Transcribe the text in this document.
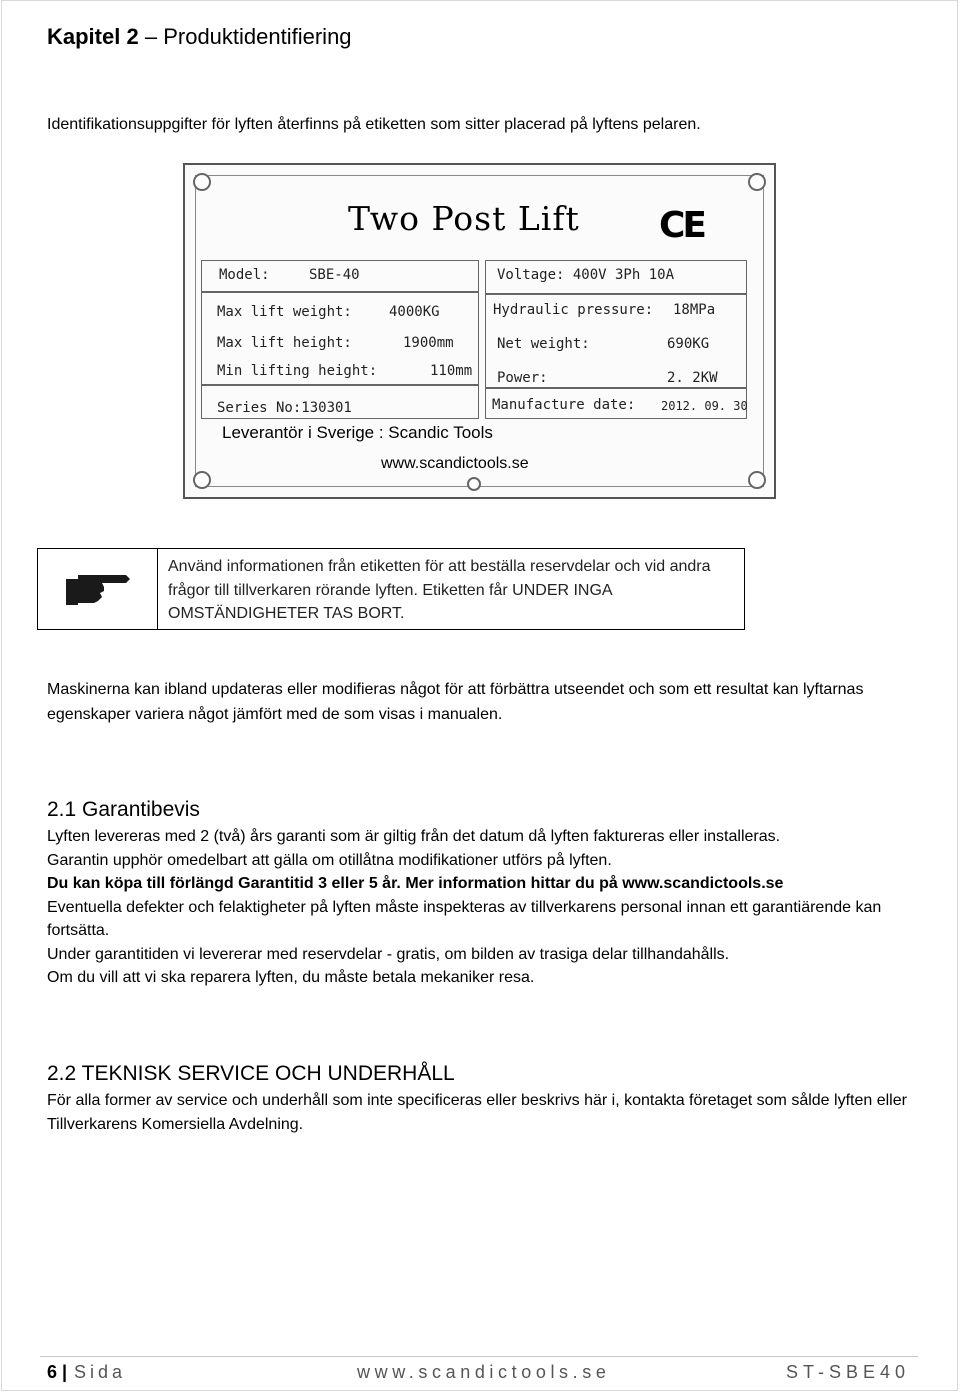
Kapitel 2 – Produktidentifiering
Identifikationsuppgifter för lyften återfinns på etiketten som sitter placerad på lyftens pelaren.
Two Post Lift CE
Model:	SBE-40
Max lift weight:	4000KG
Max lift height:	1900mm
Min lifting height:	110mm
Series No:130301
Voltage: 400V 3Ph 10A
Hydraulic pressure: 18MPa
Net weight:	690KG
Power:	2. 2KW
Manufacture date: 2012. 09. 30
Leverantör i Sverige : Scandic Tools
www.scandictools.se
Använd informationen från etiketten för att beställa reservdelar och vid andra frågor till tillverkaren rörande lyften. Etiketten får UNDER INGA OMSTÄNDIGHETER TAS BORT.
Maskinerna kan ibland updateras eller modifieras något för att förbättra utseendet och som ett resultat kan lyftarnas egenskaper variera något jämfört med de som visas i manualen.
2.1 Garantibevis

Lyften levereras med 2 (två) års garanti som är giltig från det datum då lyften faktureras eller installeras.

Garantin upphör omedelbart att gälla om otillåtna modifikationer utförs på lyften.

Du kan köpa till förlängd Garantitid 3 eller 5 år. Mer information hittar du på www.scandictools.se

Eventuella defekter och felaktigheter på lyften måste inspekteras av tillverkarens personal innan ett garantiärende kan fortsätta.

Under garantitiden vi levererar med reservdelar - gratis, om bilden av trasiga delar tillhandahålls.

Om du vill att vi ska reparera lyften, du måste betala mekaniker resa.

2.2 TEKNISK SERVICE OCH UNDERHÅLL
För alla former av service och underhåll som inte specificeras eller beskrivs här i, kontakta företaget som sålde lyften eller Tillverkarens Komersiella Avdelning.
6 | Sida	www.scandictools.se	ST-SBE40
